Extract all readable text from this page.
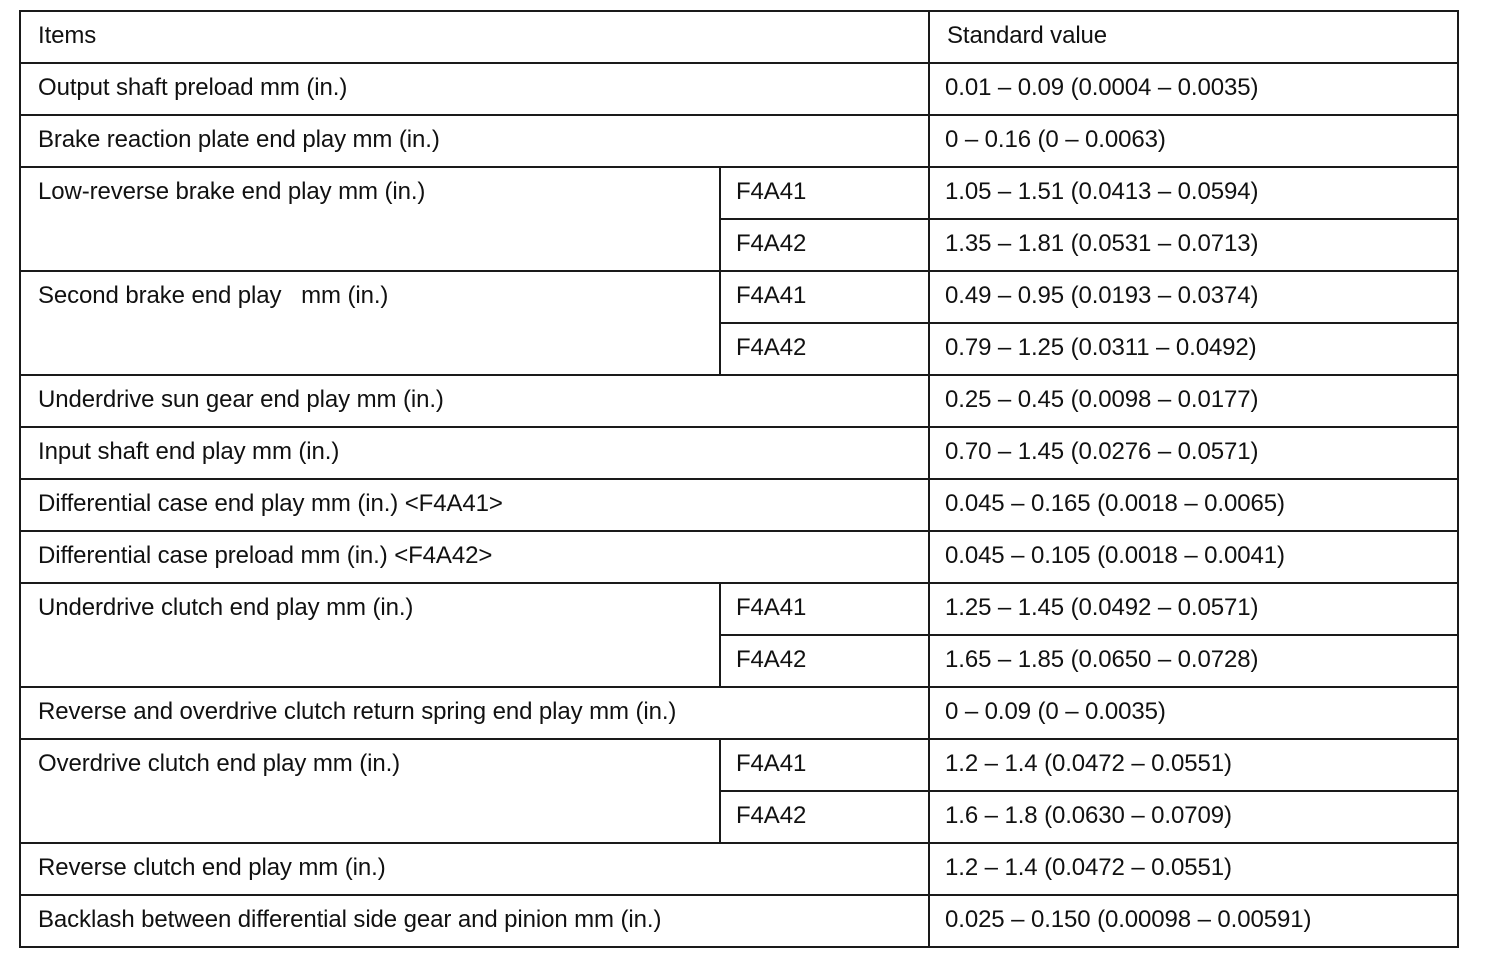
Items		Standard value
Output shaft preload mm (in.)		0.01 – 0.09 (0.0004 – 0.0035)
Brake reaction plate end play mm (in.)		0 – 0.16 (0 – 0.0063)
Low-reverse brake end play mm (in.)	F4A41	1.05 – 1.51 (0.0413 – 0.0594)
	F4A42	1.35 – 1.81 (0.0531 – 0.0713)
Second brake end play   mm (in.)	F4A41	0.49 – 0.95 (0.0193 – 0.0374)
	F4A42	0.79 – 1.25 (0.0311 – 0.0492)
Underdrive sun gear end play mm (in.)		0.25 – 0.45 (0.0098 – 0.0177)
Input shaft end play mm (in.)		0.70 – 1.45 (0.0276 – 0.0571)
Differential case end play mm (in.) <F4A41>		0.045 – 0.165 (0.0018 – 0.0065)
Differential case preload mm (in.) <F4A42>		0.045 – 0.105 (0.0018 – 0.0041)
Underdrive clutch end play mm (in.)	F4A41	1.25 – 1.45 (0.0492 – 0.0571)
	F4A42	1.65 – 1.85 (0.0650 – 0.0728)
Reverse and overdrive clutch return spring end play mm (in.)		0 – 0.09 (0 – 0.0035)
Overdrive clutch end play mm (in.)	F4A41	1.2 – 1.4 (0.0472 – 0.0551)
	F4A42	1.6 – 1.8 (0.0630 – 0.0709)
Reverse clutch end play mm (in.)		1.2 – 1.4 (0.0472 – 0.0551)
Backlash between differential side gear and pinion mm (in.)		0.025 – 0.150 (0.00098 – 0.00591)
